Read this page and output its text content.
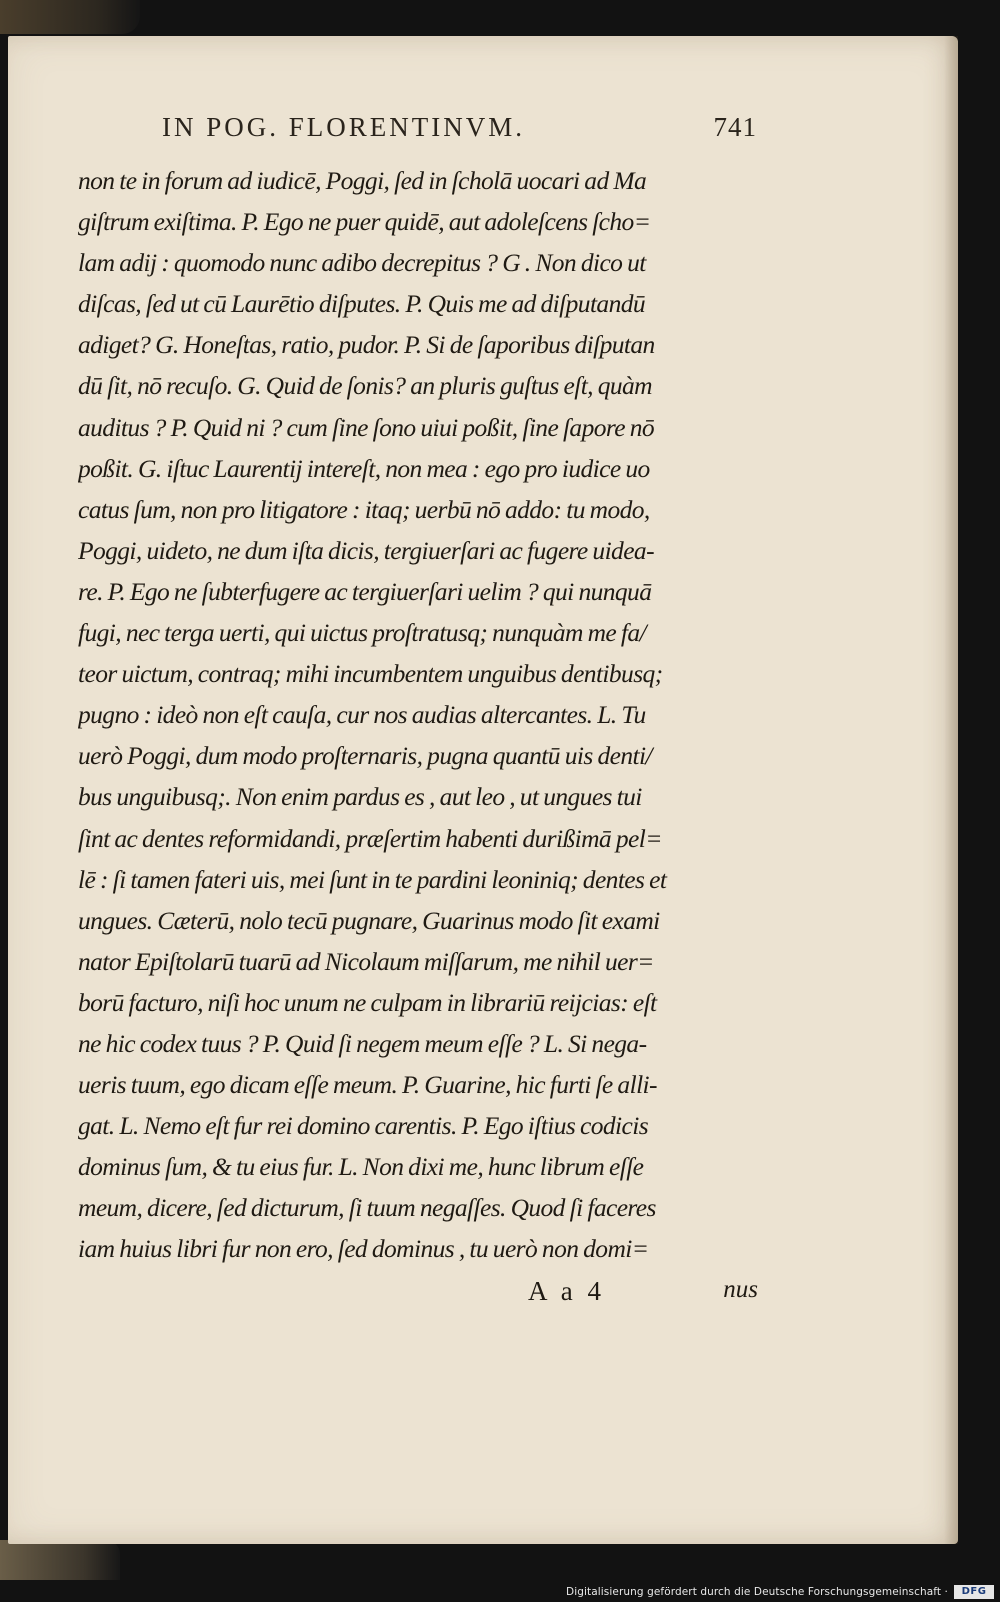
IN POG. FLORENTINVM.	741
non te in forum ad iudicē, Poggi, ſed in ſcholā uocari ad Ma
giſtrum exiſtima. P. Ego ne puer quidē, aut adoleſcens ſcho=
lam adij : quomodo nunc adibo decrepitus ? G . Non dico ut
diſcas, ſed ut cū Laurētio diſputes. P. Quis me ad diſputandū
adiget? G. Honeſtas, ratio, pudor. P. Si de ſaporibus diſputan
dū ſit, nō recuſo. G. Quid de ſonis? an pluris guſtus eſt, quàm
auditus ? P. Quid ni ? cum ſine ſono uiui poßit, ſine ſapore nō
poßit. G. iſtuc Laurentij intereſt, non mea : ego pro iudice uo
catus ſum, non pro litigatore : itaq; uerbū nō addo: tu modo,
Poggi, uideto, ne dum iſta dicis, tergiuerſari ac fugere uidea-
re. P. Ego ne ſubterfugere ac tergiuerſari uelim ? qui nunquā
fugi, nec terga uerti, qui uictus proſtratusq; nunquàm me fa/
teor uictum, contraq; mihi incumbentem unguibus dentibusq;
pugno : ideò non eſt cauſa, cur nos audias altercantes. L. Tu
uerò Poggi, dum modo proſternaris, pugna quantū uis denti/
bus unguibusq;. Non enim pardus es , aut leo , ut ungues tui
ſint ac dentes reformidandi, præſertim habenti durißimā pel=
lē : ſi tamen fateri uis, mei ſunt in te pardini leoniniq; dentes et
ungues. Cæterū, nolo tecū pugnare, Guarinus modo ſit exami
nator Epiſtolarū tuarū ad Nicolaum miſſarum, me nihil uer=
borū facturo, niſi hoc unum ne culpam in librariū reijcias: eſt
ne hic codex tuus ? P. Quid ſi negem meum eſſe ? L. Si nega-
ueris tuum, ego dicam eſſe meum. P. Guarine, hic furti ſe alli-
gat. L. Nemo eſt fur rei domino carentis. P. Ego iſtius codicis
dominus ſum, & tu eius fur. L. Non dixi me, hunc librum eſſe
meum, dicere, ſed dicturum, ſi tuum negaſſes. Quod ſi faceres
iam huius libri fur non ero, ſed dominus , tu uerò non domi=
A a 4	nus
Digitalisierung gefördert durch die Deutsche Forschungsgemeinschaft ·	DFG
